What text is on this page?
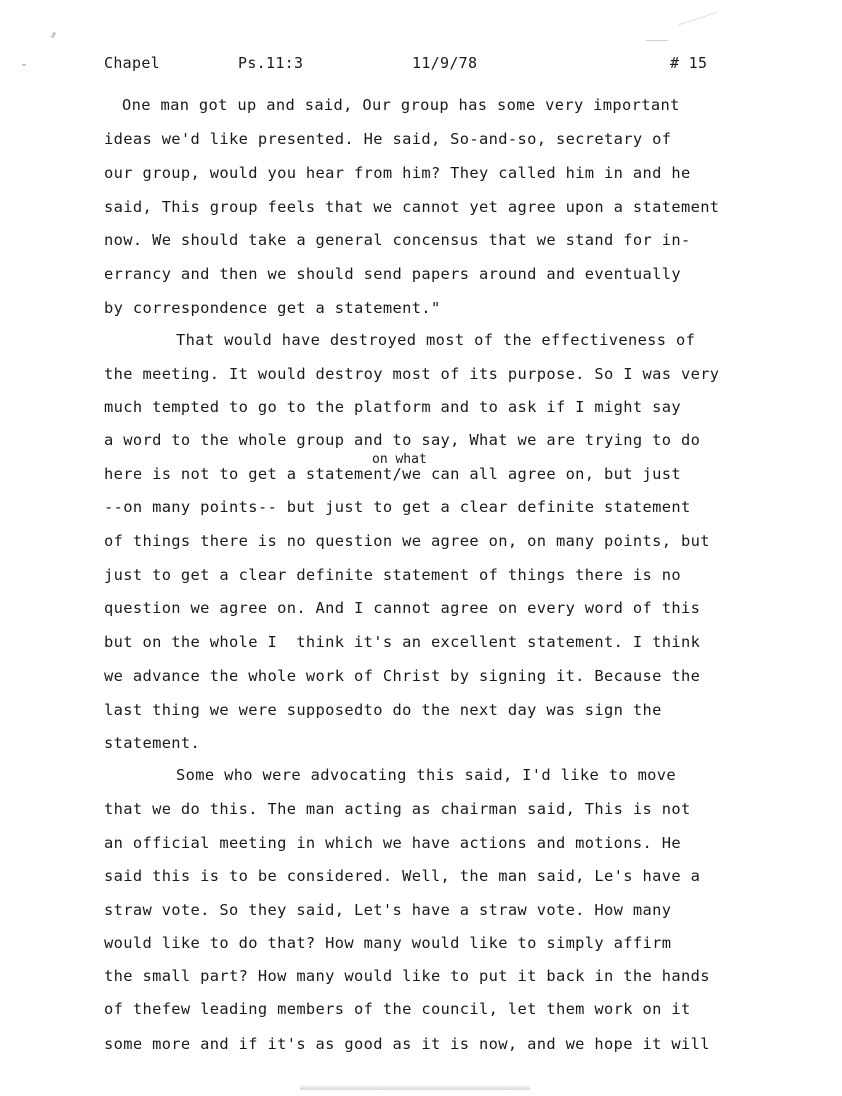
Chapel	Ps.11:3	11/9/78	# 15
on what
One man got up and said, Our group has some very important
ideas we'd like presented. He said, So-and-so, secretary of
our group, would you hear from him? They called him in and he
said, This group feels that we cannot yet agree upon a statement
now. We should take a general concensus that we stand for in-
errancy and then we should send papers around and eventually
by correspondence get a statement."
That would have destroyed most of the effectiveness of
the meeting. It would destroy most of its purpose. So I was very
much tempted to go to the platform and to ask if I might say
a word to the whole group and to say, What we are trying to do
here is not to get a statement/we can all agree on, but just
--on many points-- but just to get a clear definite statement
of things there is no question we agree on, on many points, but
just to get a clear definite statement of things there is no
question we agree on. And I cannot agree on every word of this
but on the whole I  think it's an excellent statement. I think
we advance the whole work of Christ by signing it. Because the
last thing we were supposedto do the next day was sign the
statement.
Some who were advocating this said, I'd like to move
that we do this. The man acting as chairman said, This is not
an official meeting in which we have actions and motions. He
said this is to be considered. Well, the man said, Le's have a
straw vote. So they said, Let's have a straw vote. How many
would like to do that? How many would like to simply affirm
the small part? How many would like to put it back in the hands
of thefew leading members of the council, let them work on it
some more and if it's as good as it is now, and we hope it will
